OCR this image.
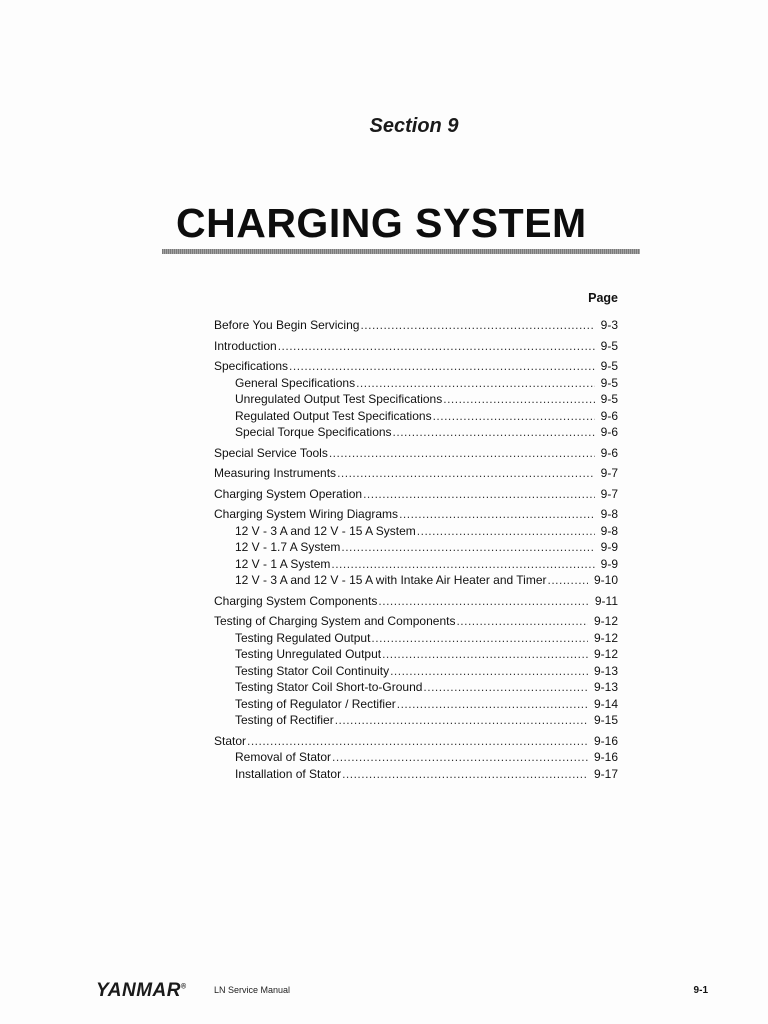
Section 9
CHARGING SYSTEM
Page
Before You Begin Servicing .....	9-3
Introduction .....	9-5
Specifications .....	9-5
General Specifications .....	9-5
Unregulated Output Test Specifications .....	9-5
Regulated Output Test Specifications .....	9-6
Special Torque Specifications .....	9-6
Special Service Tools .....	9-6
Measuring Instruments .....	9-7
Charging System Operation .....	9-7
Charging System Wiring Diagrams .....	9-8
12 V - 3 A and 12 V - 15 A System .....	9-8
12 V - 1.7 A System .....	9-9
12 V - 1 A System .....	9-9
12 V - 3 A and 12 V - 15 A with Intake Air Heater and Timer .....	9-10
Charging System Components .....	9-11
Testing of Charging System and Components .....	9-12
Testing Regulated Output .....	9-12
Testing Unregulated Output .....	9-12
Testing Stator Coil Continuity .....	9-13
Testing Stator Coil Short-to-Ground .....	9-13
Testing of Regulator / Rectifier .....	9-14
Testing of Rectifier .....	9-15
Stator .....	9-16
Removal of Stator .....	9-16
Installation of Stator .....	9-17
YANMAR®	LN Service Manual	9-1
